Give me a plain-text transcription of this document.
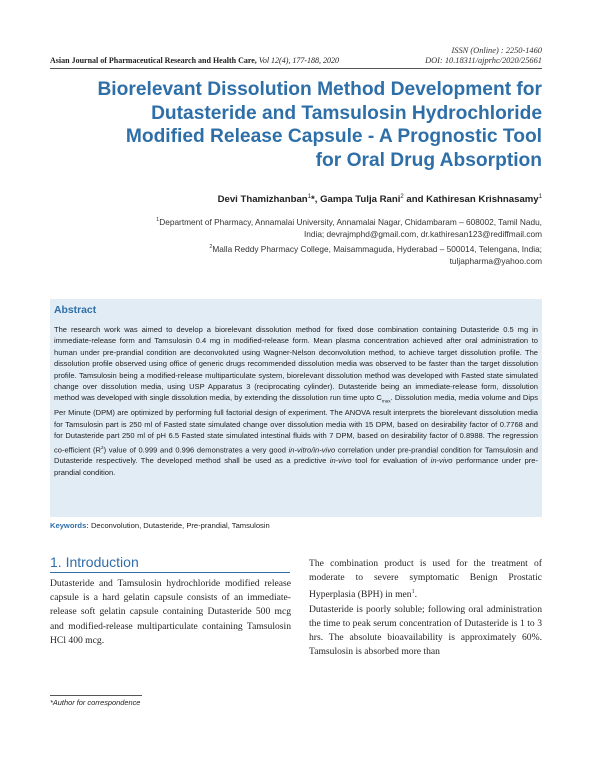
ISSN (Online) : 2250-1460
DOI: 10.18311/ajprhc/2020/25661
Asian Journal of Pharmaceutical Research and Health Care, Vol 12(4), 177-188, 2020
Biorelevant Dissolution Method Development for
Dutasteride and Tamsulosin Hydrochloride
Modified Release Capsule - A Prognostic Tool
for Oral Drug Absorption
Devi Thamizhanban$^1$*, Gampa Tulja Rani$^2$ and Kathiresan Krishnasamy$^1$
$^1$Department of Pharmacy, Annamalai University, Annamalai Nagar, Chidambaram – 608002, Tamil Nadu,
India; devrajmphd@gmail.com, dr.kathiresan123@rediffmail.com
$^2$Malla Reddy Pharmacy College, Maisammaguda, Hyderabad – 500014, Telengana, India;
tuljapharma@yahoo.com
Abstract
The research work was aimed to develop a biorelevant dissolution method for fixed dose combination containing Dutasteride 0.5 mg in immediate-release form and Tamsulosin 0.4 mg in modified-release form. Mean plasma concentration achieved after oral administration to human under pre-prandial condition are deconvoluted using Wagner-Nelson deconvolution method, to achieve target dissolution profile. The dissolution profile observed using office of generic drugs recommended dissolution media was observed to be faster than the target dissolution profile. Tamsulosin being a modified-release multiparticulate system, biorelevant dissolution method was developed with Fasted state simulated change over dissolution media, using USP Apparatus 3 (reciprocating cylinder). Dutasteride being an immediate-release form, dissolution method was developed with single dissolution media, by extending the dissolution run time upto $C_{max}$. Dissolution media, media volume and Dips Per Minute (DPM) are optimized by performing full factorial design of experiment. The ANOVA result interprets the biorelevant dissolution media for Tamsulosin part is 250 ml of Fasted state simulated change over dissolution media with 15 DPM, based on desirability factor of 0.7768 and for Dutasteride part 250 ml of pH 6.5 Fasted state simulated intestinal fluids with 7 DPM, based on desirability factor of 0.8988. The regression co-efficient $(R^2)$ value of 0.999 and 0.996 demonstrates a very good in-vitro/in-vivo correlation under pre-prandial condition for Tamsulosin and Dutasteride respectively. The developed method shall be used as a predictive in-vivo tool for evaluation of in-vivo performance under pre-prandial condition.
Keywords: Deconvolution, Dutasteride, Pre-prandial, Tamsulosin
1. Introduction

Dutasteride and Tamsulosin hydrochloride modified release capsule is a hard gelatin capsule consists of an immediate-release soft gelatin capsule containing Dutasteride 500 mcg and modified-release multiparticulate containing Tamsulosin HCl 400 mcg.

The combination product is used for the treatment of moderate to severe symptomatic Benign Prostatic Hyperplasia (BPH) in men$^1$.

Dutasteride is poorly soluble; following oral administration the time to peak serum concentration of Dutasteride is 1 to 3 hrs. The absolute bioavailability is approximately 60%. Tamsulosin is absorbed more than

*Author for correspondence
